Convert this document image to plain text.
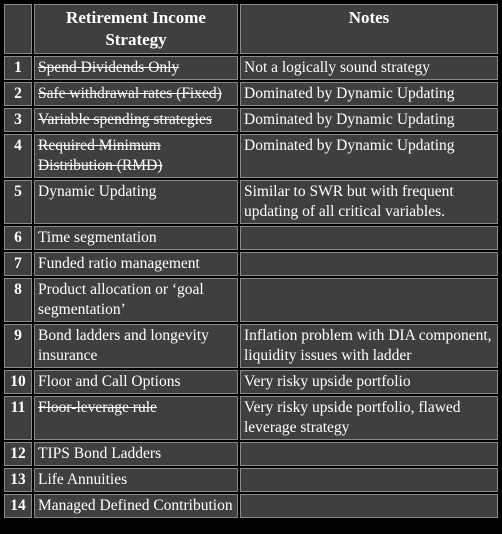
	Retirement Income Strategy	Notes
1	Spend Dividends Only	Not a logically sound strategy
2	Safe withdrawal rates (Fixed)	Dominated by Dynamic Updating
3	Variable spending strategies	Dominated by Dynamic Updating
4	Required Minimum Distribution (RMD)	Dominated by Dynamic Updating
5	Dynamic Updating	Similar to SWR but with frequent updating of all critical variables.
6	Time segmentation	
7	Funded ratio management	
8	Product allocation or ‘goal segmentation’	
9	Bond ladders and longevity insurance	Inflation problem with DIA component, liquidity issues with ladder
10	Floor and Call Options	Very risky upside portfolio
11	Floor-leverage rule	Very risky upside portfolio, flawed leverage strategy
12	TIPS Bond Ladders	
13	Life Annuities	
14	Managed Defined Contribution	
